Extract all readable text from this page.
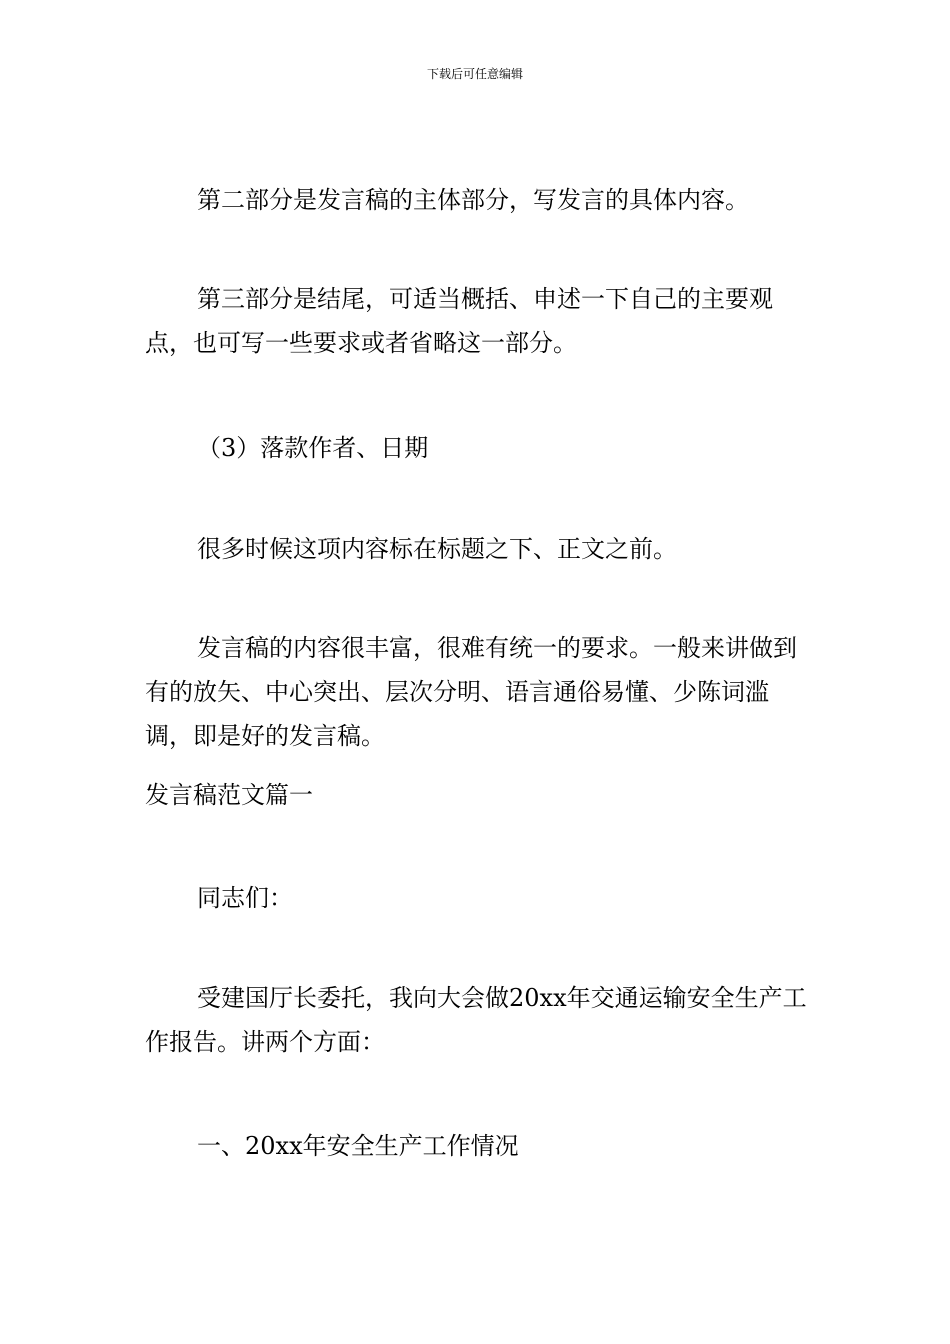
下载后可任意编辑

第二部分是发言稿的主体部分，写发言的具体内容。

第三部分是结尾，可适当概括、申述一下自己的主要观点，也可写一些要求或者省略这一部分。

（3）落款作者、日期

很多时候这项内容标在标题之下、正文之前。

发言稿的内容很丰富，很难有统一的要求。一般来讲做到有的放矢、中心突出、层次分明、语言通俗易懂、少陈词滥调，即是好的发言稿。

发言稿范文篇一

同志们：

受建国厅长委托，我向大会做20xx年交通运输安全生产工作报告。讲两个方面：

一、20xx年安全生产工作情况
